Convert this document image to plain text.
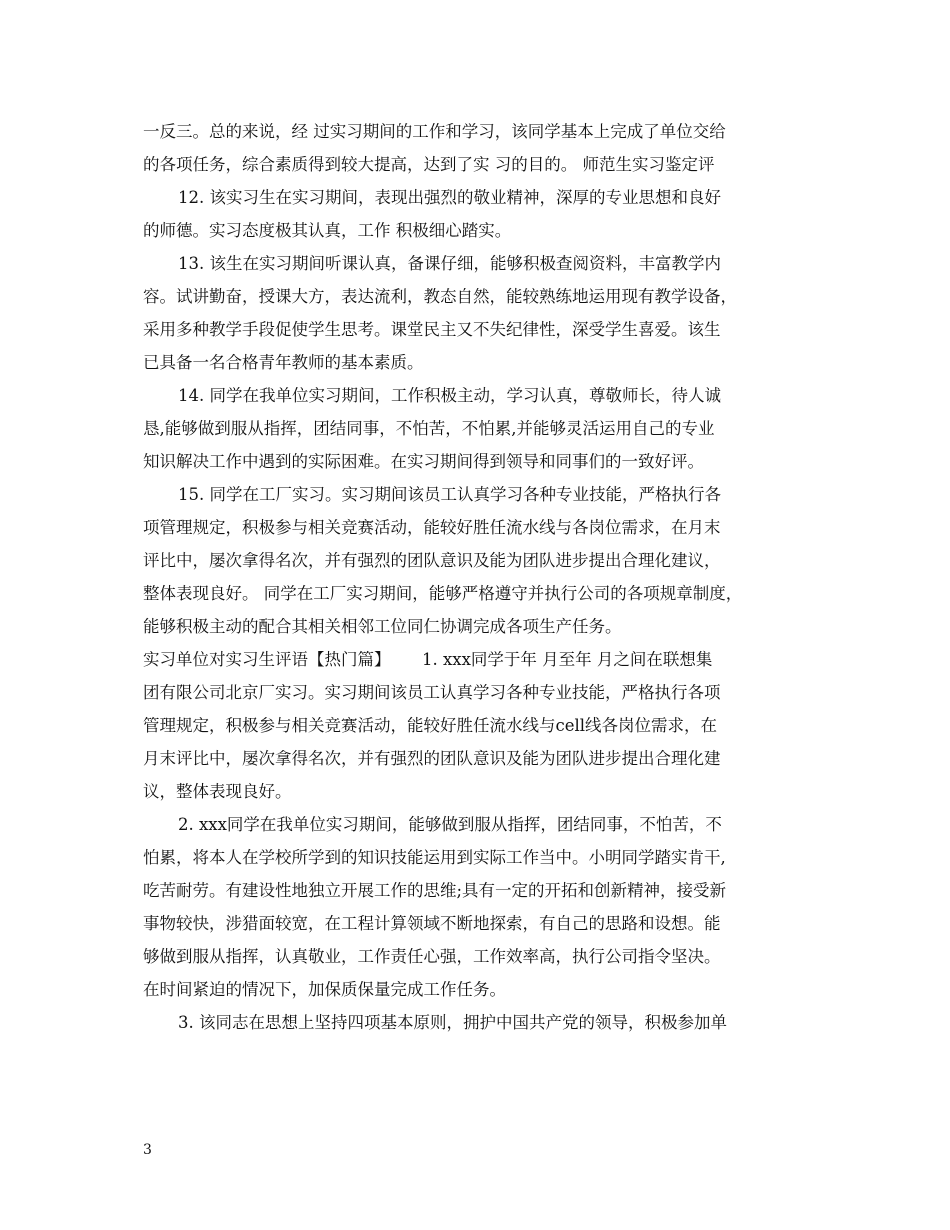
一反三。总的来说，经 过实习期间的工作和学习，该同学基本上完成了单位交给
的各项任务，综合素质得到较大提高，达到了实 习的目的。 师范生实习鉴定评
12. 该实习生在实习期间，表现出强烈的敬业精神，深厚的专业思想和良好
的师德。实习态度极其认真，工作 积极细心踏实。
13. 该生在实习期间听课认真，备课仔细，能够积极查阅资料，丰富教学内
容。试讲勤奋，授课大方，表达流利，教态自然，能较熟练地运用现有教学设备，
采用多种教学手段促使学生思考。课堂民主又不失纪律性，深受学生喜爱。该生
已具备一名合格青年教师的基本素质。
14. 同学在我单位实习期间，工作积极主动，学习认真，尊敬师长，待人诚
恳,能够做到服从指挥，团结同事，不怕苦，不怕累,并能够灵活运用自己的专业
知识解决工作中遇到的实际困难。在实习期间得到领导和同事们的一致好评。
15. 同学在工厂实习。实习期间该员工认真学习各种专业技能，严格执行各
项管理规定，积极参与相关竞赛活动，能较好胜任流水线与各岗位需求，在月末
评比中，屡次拿得名次，并有强烈的团队意识及能为团队进步提出合理化建议，
整体表现良好。 同学在工厂实习期间，能够严格遵守并执行公司的各项规章制度，
能够积极主动的配合其相关相邻工位同仁协调完成各项生产任务。
实习单位对实习生评语【热门篇】      1. xxx同学于年 月至年 月之间在联想集
团有限公司北京厂实习。实习期间该员工认真学习各种专业技能，严格执行各项
管理规定，积极参与相关竞赛活动，能较好胜任流水线与cell线各岗位需求，在
月末评比中，屡次拿得名次，并有强烈的团队意识及能为团队进步提出合理化建
议，整体表现良好。
2. xxx同学在我单位实习期间，能够做到服从指挥，团结同事，不怕苦，不
怕累，将本人在学校所学到的知识技能运用到实际工作当中。小明同学踏实肯干,
吃苦耐劳。有建设性地独立开展工作的思维;具有一定的开拓和创新精神，接受新
事物较快，涉猎面较宽，在工程计算领域不断地探索，有自己的思路和设想。能
够做到服从指挥，认真敬业，工作责任心强，工作效率高，执行公司指令坚决。
在时间紧迫的情况下，加保质保量完成工作任务。
3. 该同志在思想上坚持四项基本原则，拥护中国共产党的领导，积极参加单
3
